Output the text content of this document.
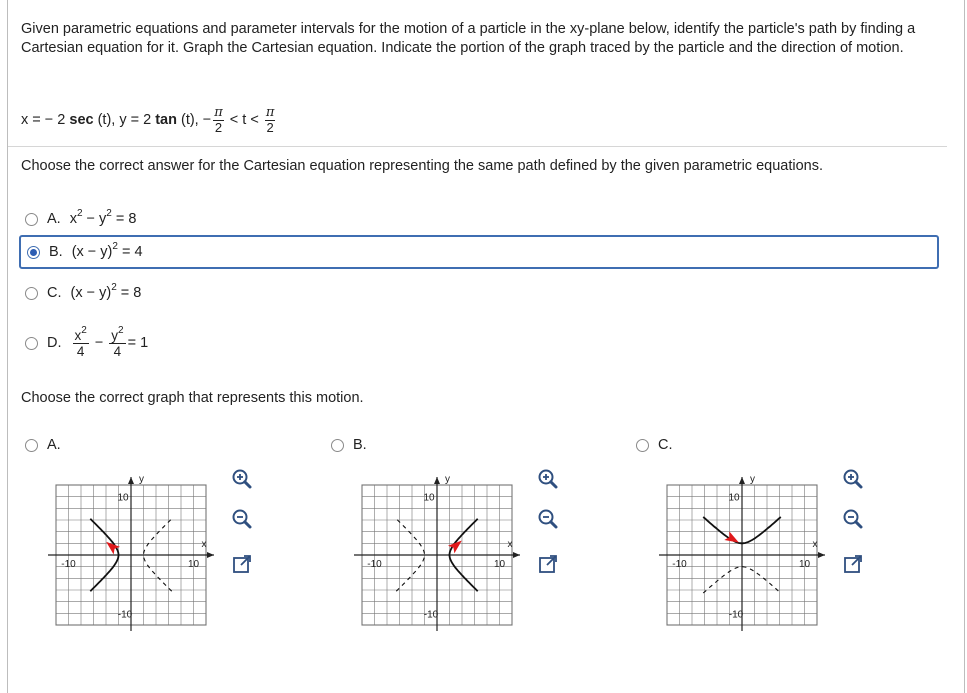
Given parametric equations and parameter intervals for the motion of a particle in the xy-plane below, identify the particle's path by finding a Cartesian equation for it. Graph the Cartesian equation. Indicate the portion of the graph traced by the particle and the direction of motion.
x = − 2 sec (t), y = 2 tan (t), − $\frac{\pi}{2} < t < \frac{\pi}{2}$
Choose the correct answer for the Cartesian equation representing the same path defined by the given parametric equations.
A. $x^2 - y^2 = 8$
B. $(x - y)^2 = 4$
C. $(x - y)^2 = 8$
D. $x^2$
$4 - \frac{y^2}{4} = 1$
Choose the correct graph that represents this motion.
A.	B.	C.
10
-10
-10	10
x
y
10
-10
-10	10
x
y
10
-10
-10	10
x
y
